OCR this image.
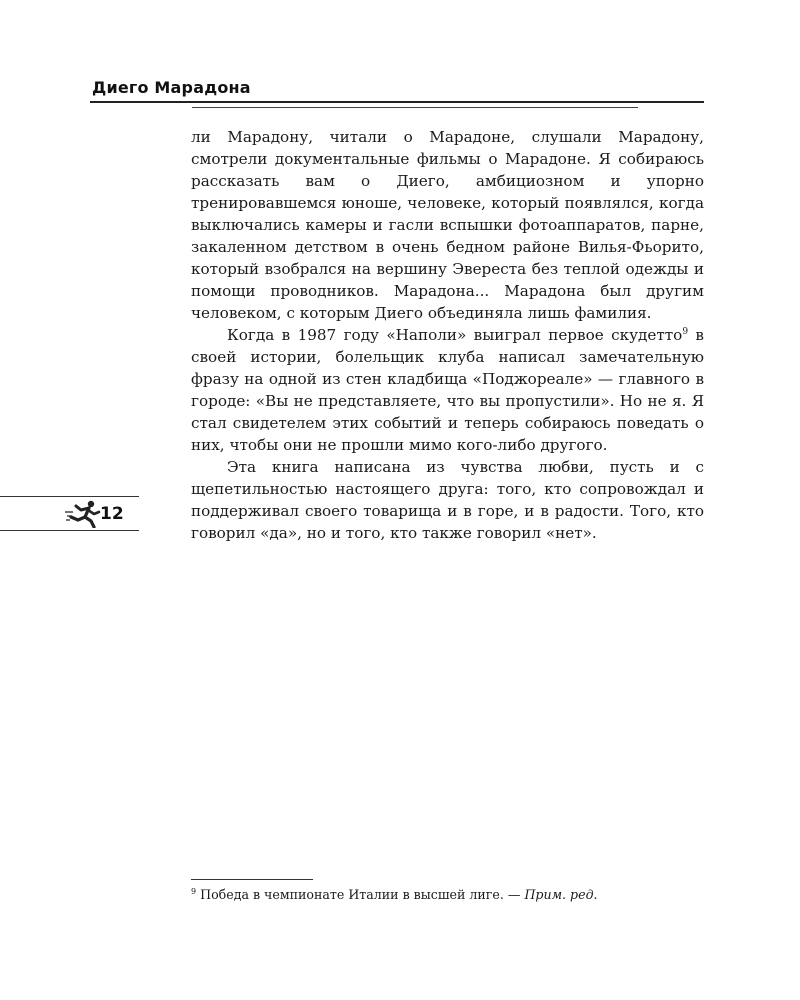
Диего Марадона

ли Марадону, читали о Марадоне, слушали Марадону, смотрели документальные фильмы о Марадоне. Я собираюсь рассказать вам о Диего, амбициозном и упорно тренировавшемся юноше, человеке, который появлялся, когда выключались камеры и гасли вспышки фотоаппаратов, парне, закаленном детством в очень бедном районе Вилья-Фьорито, который взобрался на вершину Эвереста без теплой одежды и помощи проводников. Марадона... Марадона был другим человеком, с которым Диего объединяла лишь фамилия.

Когда в 1987 году «Наполи» выиграл первое скудетто$^9$ в своей истории, болельщик клуба написал замечательную фразу на одной из стен кладбища «Поджореале» — главного в городе: «Вы не представляете, что вы пропустили». Но не я. Я стал свидетелем этих событий и теперь собираюсь поведать о них, чтобы они не прошли мимо кого-либо другого.

Эта книга написана из чувства любви, пусть и с щепетильностью настоящего друга: того, кто сопровождал и поддерживал своего товарища и в горе, и в радости. Того, кто говорил «да», но и того, кто также говорил «нет».

12
$^9$ Победа в чемпионате Италии в высшей лиге. — Прим. ред.
